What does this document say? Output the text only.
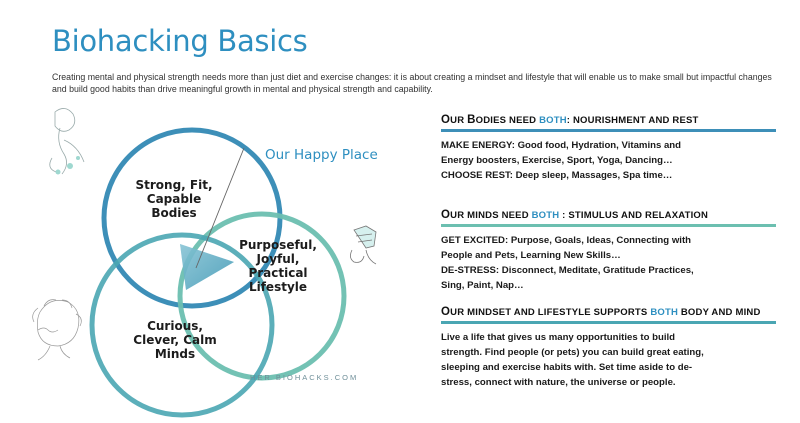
Biohacking Basics
Creating mental and physical strength needs more than just diet and exercise changes: it is about creating a mindset and lifestyle that will enable us to make small but impactful changes and build good habits than drive meaningful growth in mental and physical strength and capability.
Our Happy Place
Strong, Fit,
Capable
Bodies
Purposeful,
Joyful,
Practical
Lifestyle
Curious,
Clever, Calm
Minds
HER BIOHACKS.COM
OUR BODIES NEED BOTH: NOURISHMENT AND REST

MAKE ENERGY: Good food, Hydration, Vitamins and

Energy boosters, Exercise, Sport, Yoga, Dancing…

CHOOSE REST: Deep sleep, Massages, Spa time…

OUR MINDS NEED BOTH : STIMULUS AND RELAXATION

GET EXCITED: Purpose, Goals, Ideas, Connecting with

People and Pets, Learning New Skills…

DE-STRESS: Disconnect, Meditate, Gratitude Practices,

Sing, Paint, Nap…

OUR MINDSET AND LIFESTYLE SUPPORTS BOTH BODY AND MIND

Live a life that gives us many opportunities to build

strength. Find people (or pets) you can build great eating,

sleeping and exercise habits with. Set time aside to de-

stress, connect with nature, the universe or people.
